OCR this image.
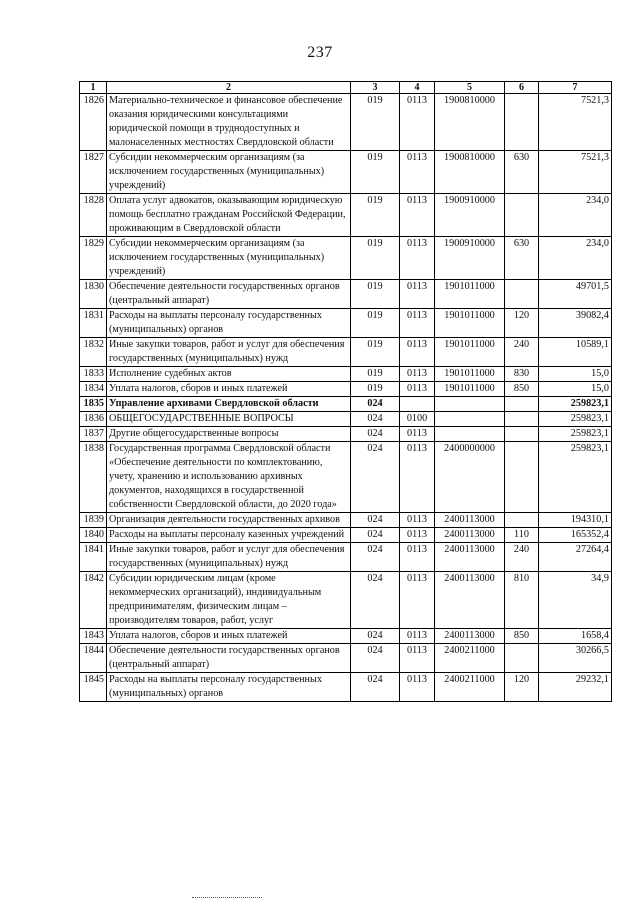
237
1	2	3	4	5	6	7
1826	Материально-техническое и финансовое обеспечение оказания юридическими консультациями юридической помощи в труднодоступных и малонаселенных местностях Свердловской области	019	0113	1900810000		7521,3
1827	Субсидии некоммерческим организациям (за исключением государственных (муниципальных) учреждений)	019	0113	1900810000	630	7521,3
1828	Оплата услуг адвокатов, оказывающим юридическую помощь бесплатно гражданам Российской Федерации, проживающим в Свердловской области	019	0113	1900910000		234,0
1829	Субсидии некоммерческим организациям (за исключением государственных (муниципальных) учреждений)	019	0113	1900910000	630	234,0
1830	Обеспечение деятельности государственных органов (центральный аппарат)	019	0113	1901011000		49701,5
1831	Расходы на выплаты персоналу государственных (муниципальных) органов	019	0113	1901011000	120	39082,4
1832	Иные закупки товаров, работ и услуг для обеспечения государственных (муниципальных) нужд	019	0113	1901011000	240	10589,1
1833	Исполнение судебных актов	019	0113	1901011000	830	15,0
1834	Уплата налогов, сборов и иных платежей	019	0113	1901011000	850	15,0
1835	Управление архивами Свердловской области	024				259823,1
1836	ОБЩЕГОСУДАРСТВЕННЫЕ ВОПРОСЫ	024	0100			259823,1
1837	Другие общегосударственные вопросы	024	0113			259823,1
1838	Государственная программа Свердловской области «Обеспечение деятельности по комплектованию, учету, хранению и использованию архивных документов, находящихся в государственной собственности Свердловской области, до 2020 года»	024	0113	2400000000		259823,1
1839	Организация деятельности государственных архивов	024	0113	2400113000		194310,1
1840	Расходы на выплаты персоналу казенных учреждений	024	0113	2400113000	110	165352,4
1841	Иные закупки товаров, работ и услуг для обеспечения государственных (муниципальных) нужд	024	0113	2400113000	240	27264,4
1842	Субсидии юридическим лицам (кроме некоммерческих организаций), индивидуальным предпринимателям, физическим лицам – производителям товаров, работ, услуг	024	0113	2400113000	810	34,9
1843	Уплата налогов, сборов и иных платежей	024	0113	2400113000	850	1658,4
1844	Обеспечение деятельности государственных органов (центральный аппарат)	024	0113	2400211000		30266,5
1845	Расходы на выплаты персоналу государственных (муниципальных) органов	024	0113	2400211000	120	29232,1
